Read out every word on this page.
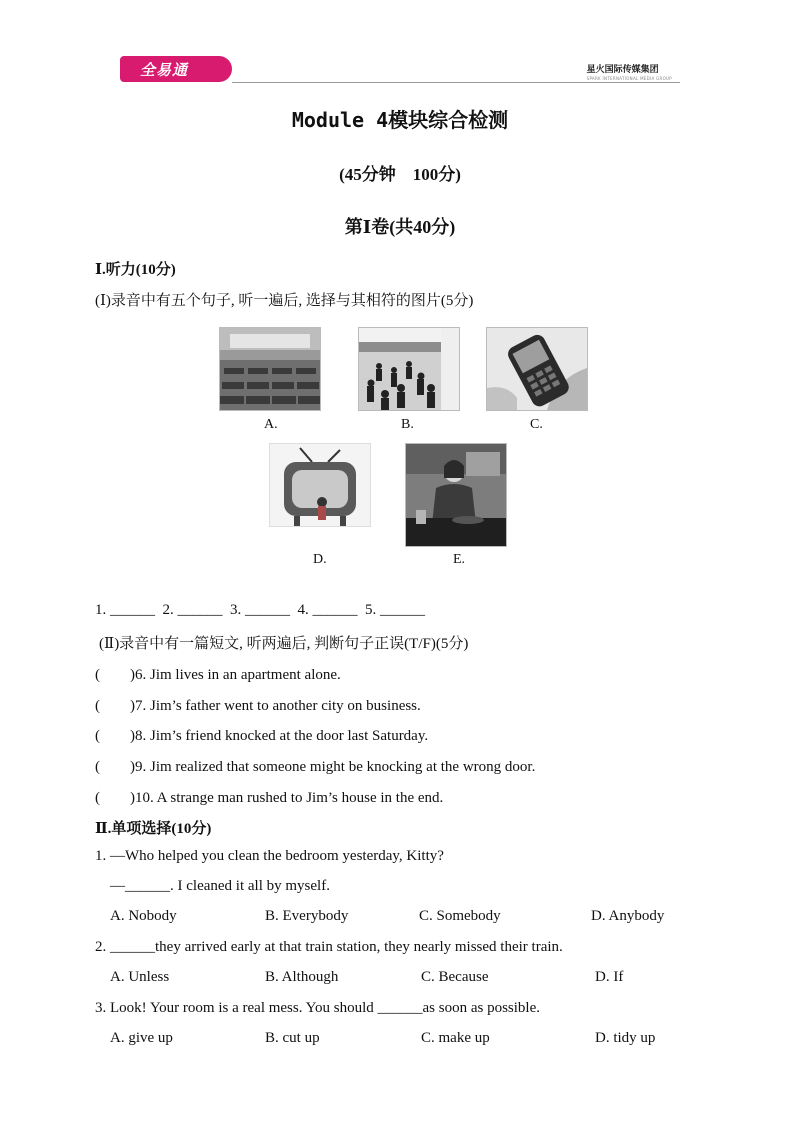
全易通	星火国际传媒集团
SPARK INTERNATIONAL MEDIA GROUP
Module 4模块综合检测
(45分钟　100分)
第Ⅰ卷(共40分)
Ⅰ.听力(10分)
(Ⅰ)录音中有五个句子, 听一遍后, 选择与其相符的图片(5分)
A.	B.	C.
D.	E.
1. ______  2. ______  3. ______  4. ______  5. ______
(Ⅱ)录音中有一篇短文, 听两遍后, 判断句子正误(T/F)(5分)
(　　)6. Jim lives in an apartment alone.
(　　)7. Jim’s father went to another city on business.
(　　)8. Jim’s friend knocked at the door last Saturday.
(　　)9. Jim realized that someone might be knocking at the wrong door.
(　　)10. A strange man rushed to Jim’s house in the end.
Ⅱ.单项选择(10分)
1. —Who helped you clean the bedroom yesterday, Kitty?
—______. I cleaned it all by myself.
A. Nobody	B. Everybody	C. Somebody	D. Anybody
2. ______they arrived early at that train station, they nearly missed their train.
A. Unless	B. Although	C. Because	D. If
3. Look! Your room is a real mess. You should ______as soon as possible.
A. give up	B. cut up	C. make up	D. tidy up
